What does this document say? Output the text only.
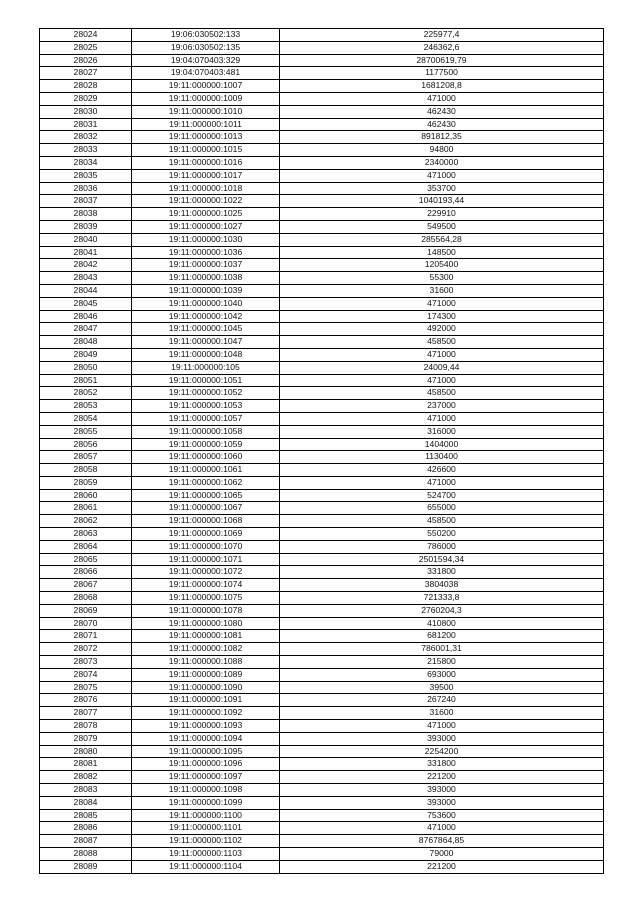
28024	19:06:030502:133	225977,4
28025	19:06:030502:135	246362,6
28026	19:04:070403:329	28700619,79
28027	19:04:070403:481	1177500
28028	19:11:000000:1007	1681208,8
28029	19:11:000000:1009	471000
28030	19:11:000000:1010	462430
28031	19:11:000000:1011	462430
28032	19:11:000000:1013	891812,35
28033	19:11:000000:1015	94800
28034	19:11:000000:1016	2340000
28035	19:11:000000:1017	471000
28036	19:11:000000:1018	353700
28037	19:11:000000:1022	1040193,44
28038	19:11:000000:1025	229910
28039	19:11:000000:1027	549500
28040	19:11:000000:1030	285564,28
28041	19:11:000000:1036	148500
28042	19:11:000000:1037	1205400
28043	19:11:000000:1038	55300
28044	19:11:000000:1039	31600
28045	19:11:000000:1040	471000
28046	19:11:000000:1042	174300
28047	19:11:000000:1045	492000
28048	19:11:000000:1047	458500
28049	19:11:000000:1048	471000
28050	19:11:000000:105	24009,44
28051	19:11:000000:1051	471000
28052	19:11:000000:1052	458500
28053	19:11:000000:1053	237000
28054	19:11:000000:1057	471000
28055	19:11:000000:1058	316000
28056	19:11:000000:1059	1404000
28057	19:11:000000:1060	1130400
28058	19:11:000000:1061	426600
28059	19:11:000000:1062	471000
28060	19:11:000000:1065	524700
28061	19:11:000000:1067	655000
28062	19:11:000000:1068	458500
28063	19:11:000000:1069	550200
28064	19:11:000000:1070	786000
28065	19:11:000000:1071	2501594,34
28066	19:11:000000:1072	331800
28067	19:11:000000:1074	3804038
28068	19:11:000000:1075	721333,8
28069	19:11:000000:1078	2760204,3
28070	19:11:000000:1080	410800
28071	19:11:000000:1081	681200
28072	19:11:000000:1082	786001,31
28073	19:11:000000:1088	215800
28074	19:11:000000:1089	693000
28075	19:11:000000:1090	39500
28076	19:11:000000:1091	267240
28077	19:11:000000:1092	31600
28078	19:11:000000:1093	471000
28079	19:11:000000:1094	393000
28080	19:11:000000:1095	2254200
28081	19:11:000000:1096	331800
28082	19:11:000000:1097	221200
28083	19:11:000000:1098	393000
28084	19:11:000000:1099	393000
28085	19:11:000000:1100	753600
28086	19:11:000000:1101	471000
28087	19:11:000000:1102	8767864,85
28088	19:11:000000:1103	79000
28089	19:11:000000:1104	221200
